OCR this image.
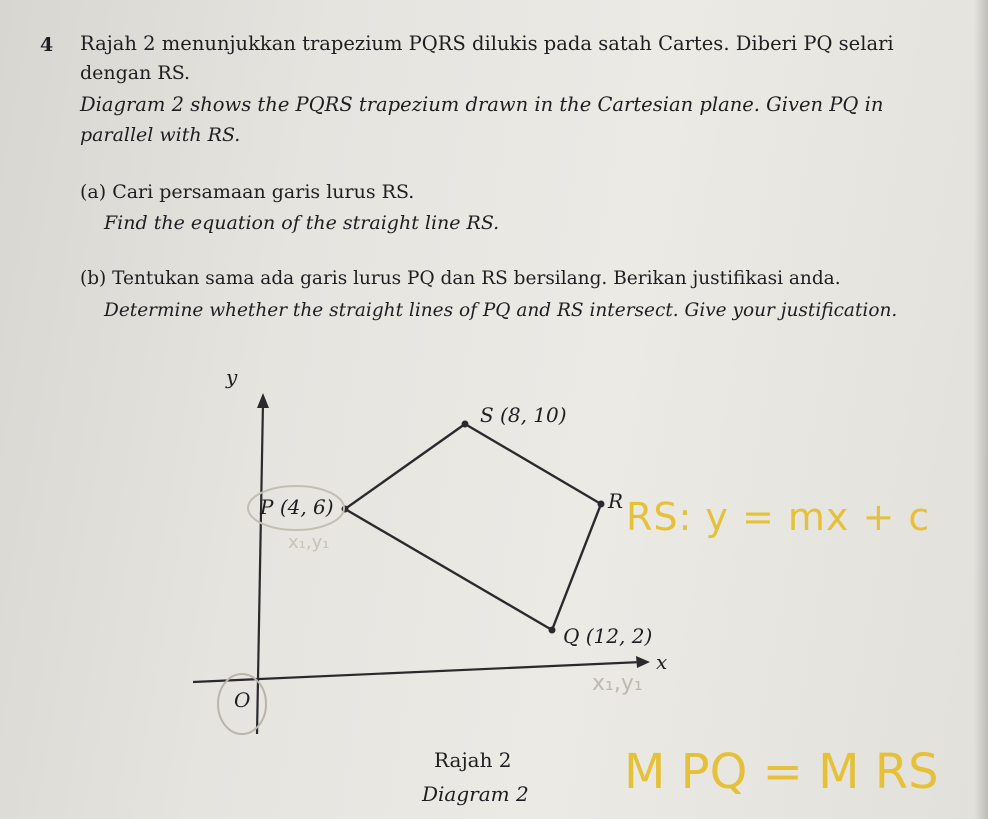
4 Rajah 2 menunjukkan trapezium PQRS dilukis pada satah Cartes. Diberi PQ selari
dengan RS.
Diagram 2 shows the PQRS trapezium drawn in the Cartesian plane. Given PQ in
parallel with RS.
(a) Cari persamaan garis lurus RS.
Find the equation of the straight line RS.
(b) Tentukan sama ada garis lurus PQ dan RS bersilang. Berikan justifikasi anda.
Determine whether the straight lines of PQ and RS intersect. Give your justification.
y
x
O
S (8, 10)
P (4, 6)	R
Q (12, 2)
Rajah 2
Diagram 2
RS: y = mx + c
x₁,y₁
x₁,y₁
M PQ = M RS
